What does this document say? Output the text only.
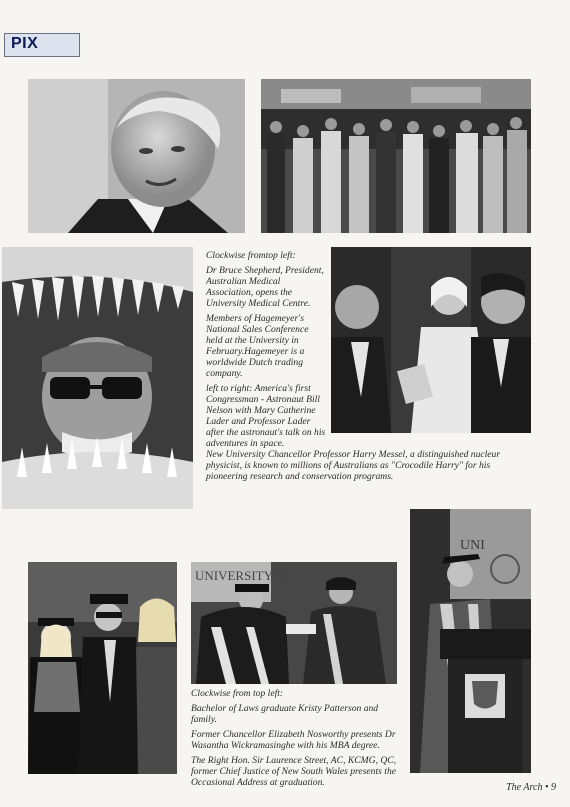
PIX

Clockwise fromtop left:

Dr Bruce Shepherd, President, Australian Medical Association, opens the University Medical Centre.

Members of Hagemeyer's National Sales Conference held at the University in February.Hagemeyer is a worldwide Dutch trading company.

left to right: America's first Congressman - Astronaut Bill Nelson with Mary Catherine Lader and Professor Lader after the astronaut's talk on his adventures in space.

New University Chancellor Professor Harry Messel, a distinguished nucleur physicist, is known to millions of Australians as "Crocodile Harry" for his pioneering research and conservation programs.
UNIVERSITY OF

Clockwise from top left:

Bachelor of Laws graduate Kristy Patterson and family.

Former Chancellor Elizabeth Nosworthy presents Dr Wasantha Wickramasinghe with his MBA degree.

The Right Hon. Sir Laurence Street, AC, KCMG, QC, former Chief Justice of New South Wales presents the Occasional Address at graduation.

UNI
The Arch • 9
